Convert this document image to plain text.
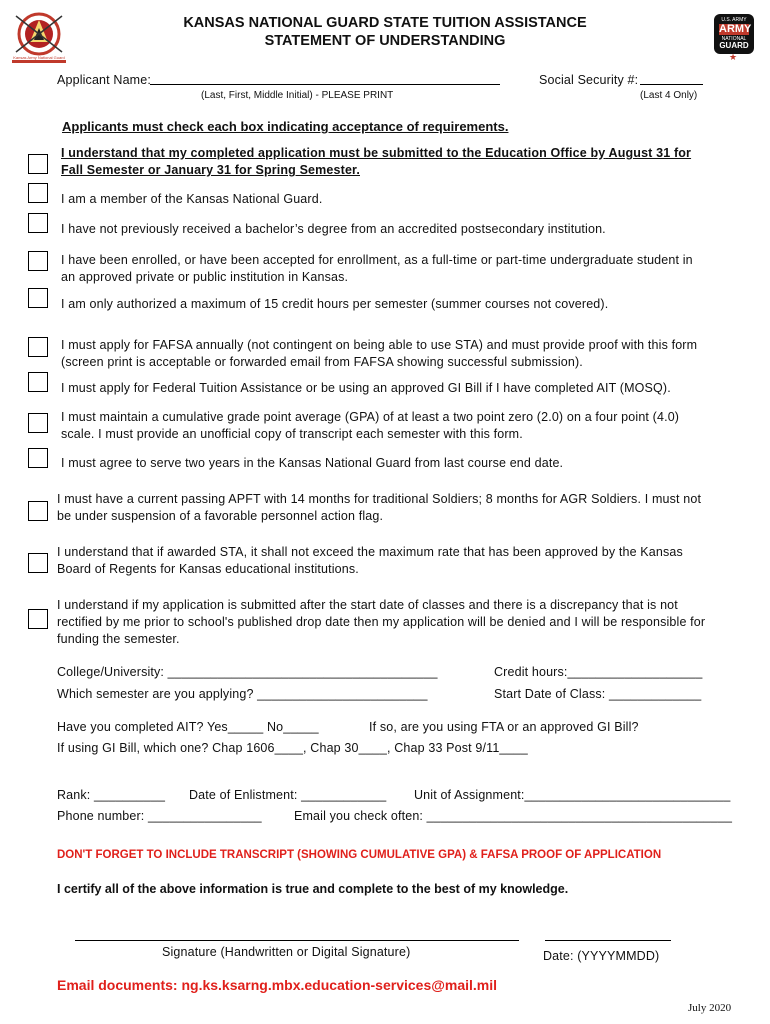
Kansas Army National Guard
U.S. ARMY
ARMY
NATIONAL
GUARD
★
KANSAS NATIONAL GUARD STATE TUITION ASSISTANCE
STATEMENT OF UNDERSTANDING
Applicant Name:
(Last, First, Middle Initial) - PLEASE PRINT
Social Security #:
(Last 4 Only)
Applicants must check each box indicating acceptance of requirements.
I understand that my completed application must be submitted to the Education Office by August 31 for
Fall Semester or January 31 for Spring Semester.
I am a member of the Kansas National Guard.
I have not previously received a bachelor’s degree from an accredited postsecondary institution.
I have been enrolled, or have been accepted for enrollment, as a full-time or part-time undergraduate student in
an approved private or public institution in Kansas.
I am only authorized a maximum of 15 credit hours per semester (summer courses not covered).
I must apply for FAFSA annually (not contingent on being able to use STA) and must provide proof with this form
(screen print is acceptable or forwarded email from FAFSA showing successful submission).
I must apply for Federal Tuition Assistance or be using an approved GI Bill if I have completed AIT (MOSQ).
I must maintain a cumulative grade point average (GPA) of at least a two point zero (2.0) on a four point (4.0)
scale. I must provide an unofficial copy of transcript each semester with this form.
I must agree to serve two years in the Kansas National Guard from last course end date.
I must have a current passing APFT with 14 months for traditional Soldiers; 8 months for AGR Soldiers. I must not
be under suspension of a favorable personnel action flag.
I understand that if awarded STA, it shall not exceed the maximum rate that has been approved by the Kansas
Board of Regents for Kansas educational institutions.
I understand if my application is submitted after the start date of classes and there is a discrepancy that is not
rectified by me prior to school's published drop date then my application will be denied and I will be responsible for
funding the semester.
College/University: ______________________________________	Credit hours:___________________
Which semester are you applying? ________________________	Start Date of Class: _____________
Have you completed AIT? Yes_____ No_____	If so, are you using FTA or an approved GI Bill?
If using GI Bill, which one? Chap 1606____, Chap 30____, Chap 33 Post 9/11____
Rank: __________ Date of Enlistment: ____________ Unit of Assignment:_____________________________
Phone number: ________________	Email you check often: ___________________________________________
DON'T FORGET TO INCLUDE TRANSCRIPT (SHOWING CUMULATIVE GPA) & FAFSA PROOF OF APPLICATION
I certify all of the above information is true and complete to the best of my knowledge.
Signature (Handwritten or Digital Signature)	Date: (YYYYMMDD)
Email documents: ng.ks.ksarng.mbx.education-services@mail.mil
July 2020
